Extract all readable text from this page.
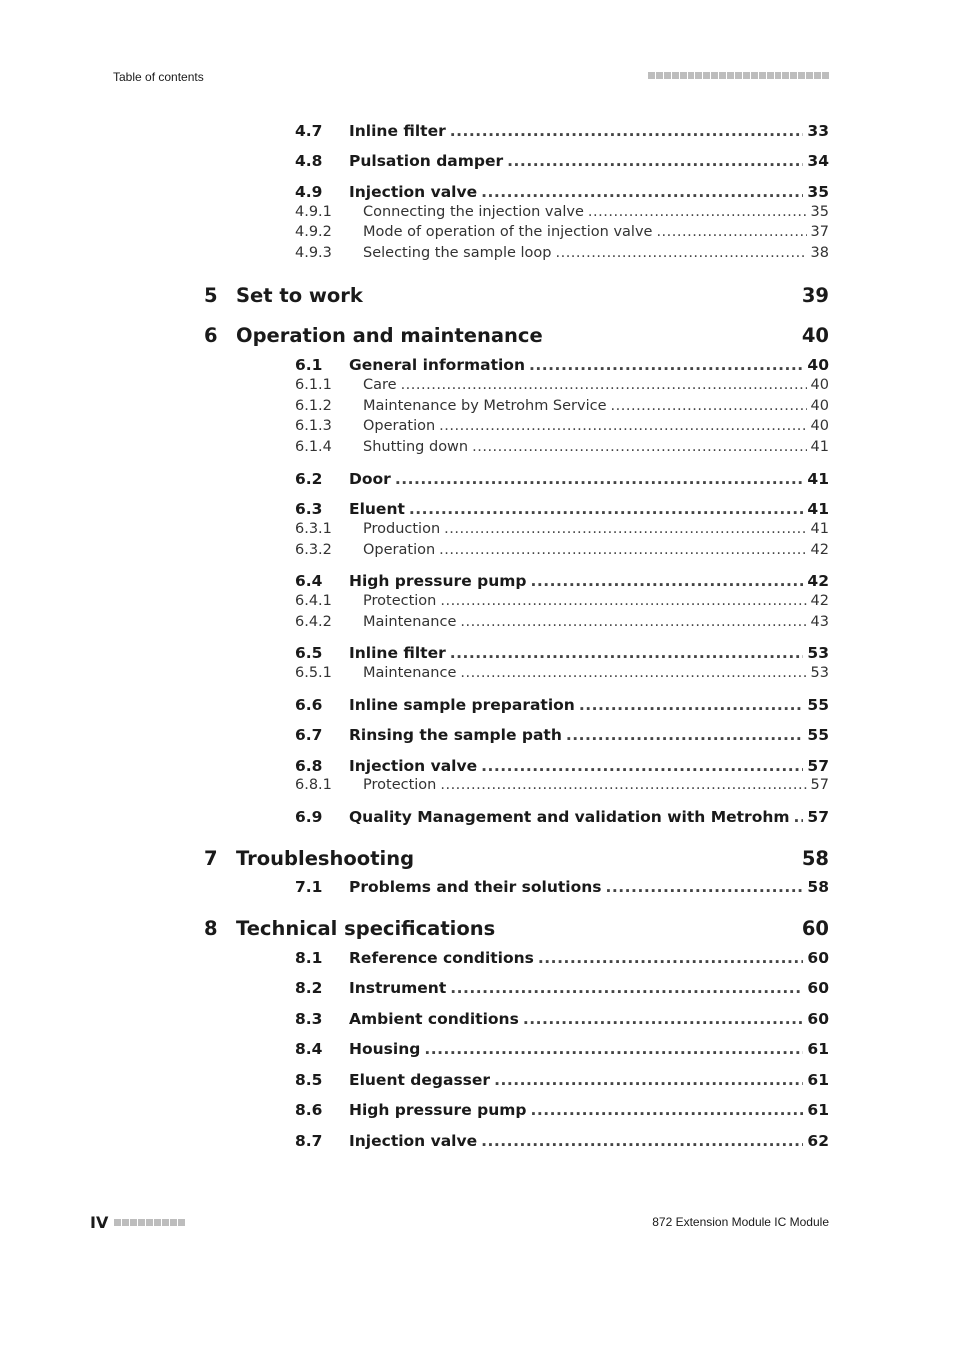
Table of contents
4.7	Inline filter .....	33
4.8	Pulsation damper .....	34
4.9	Injection valve .....	35
4.9.1	Connecting the injection valve .....	35
4.9.2	Mode of operation of the injection valve .....	37
4.9.3	Selecting the sample loop .....	38
5 Set to work	39
6 Operation and maintenance	40
6.1	General information .....	40
6.1.1	Care .....	40
6.1.2	Maintenance by Metrohm Service .....	40
6.1.3	Operation .....	40
6.1.4	Shutting down .....	41
6.2	Door .....	41
6.3	Eluent .....	41
6.3.1	Production .....	41
6.3.2	Operation .....	42
6.4	High pressure pump .....	42
6.4.1	Protection .....	42
6.4.2	Maintenance .....	43
6.5	Inline filter .....	53
6.5.1	Maintenance .....	53
6.6	Inline sample preparation .....	55
6.7	Rinsing the sample path .....	55
6.8	Injection valve .....	57
6.8.1	Protection .....	57
6.9	Quality Management and validation with Metrohm ..... 57
7 Troubleshooting	58
7.1	Problems and their solutions .....	58
8 Technical specifications	60
8.1	Reference conditions .....	60
8.2	Instrument .....	60
8.3	Ambient conditions .....	60
8.4	Housing .....	61
8.5	Eluent degasser .....	61
8.6	High pressure pump .....	61
8.7	Injection valve .....	62
IV	872 Extension Module IC Module
